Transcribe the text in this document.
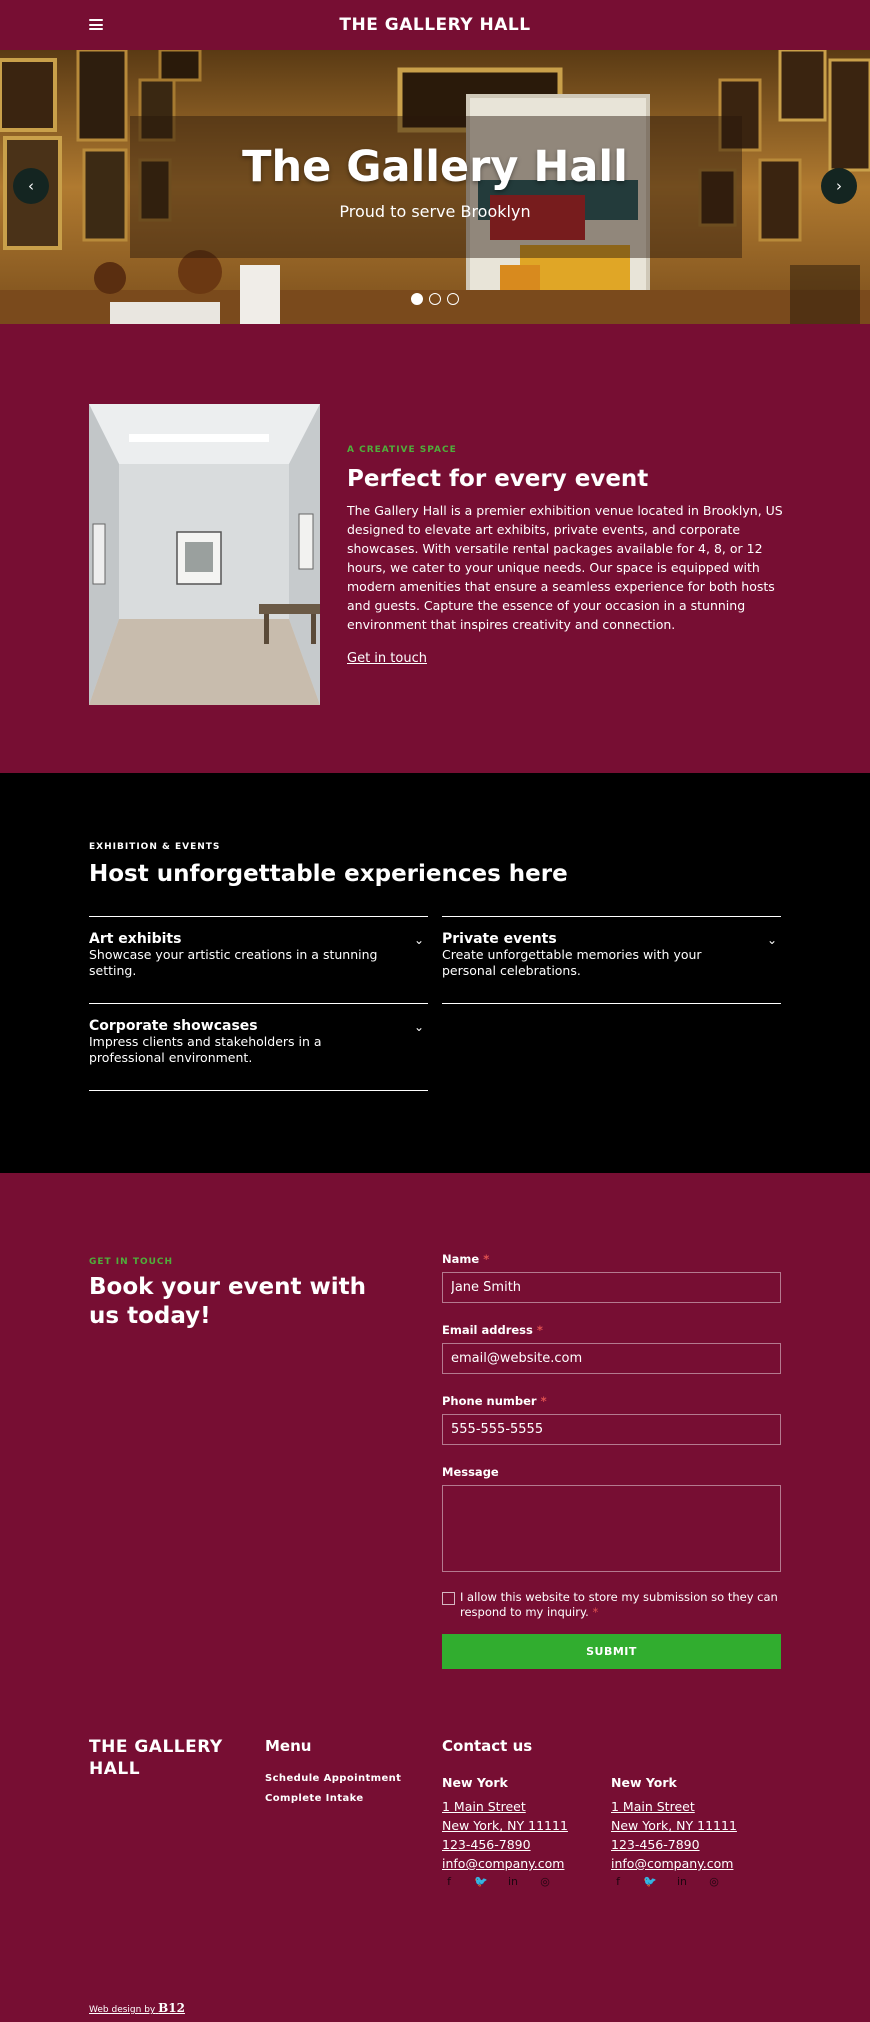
THE GALLERY HALL
The Gallery Hall
Proud to serve Brooklyn
‹	›
A CREATIVE SPACE
Perfect for every event

The Gallery Hall is a premier exhibition venue located in Brooklyn, US designed to elevate art exhibits, private events, and corporate showcases. With versatile rental packages available for 4, 8, or 12 hours, we cater to your unique needs. Our space is equipped with modern amenities that ensure a seamless experience for both hosts and guests. Capture the essence of your occasion in a stunning environment that inspires creativity and connection.

Get in touch
EXHIBITION & EVENTS
Host unforgettable experiences here
Art exhibits
Showcase your artistic creations in a stunning setting.
⌄ Private events
Create unforgettable memories with your personal celebrations.
⌄
Corporate showcases
Impress clients and stakeholders in a professional environment.
⌄
GET IN TOUCH
Book your event with us today!
Name *
Jane Smith
Email address *
email@website.com
Phone number *
555-555-5555
Message
I allow this website to store my submission so they can respond to my inquiry. *
SUBMIT
THE GALLERY HALL
Menu
Schedule Appointment
Complete Intake
Contact us
New York
1 Main Street
New York, NY 11111
123-456-7890
info@company.com
f	🐦 in ◎
New York
1 Main Street
New York, NY 11111
123-456-7890
info@company.com
f	🐦 in ◎
Web design by B12
